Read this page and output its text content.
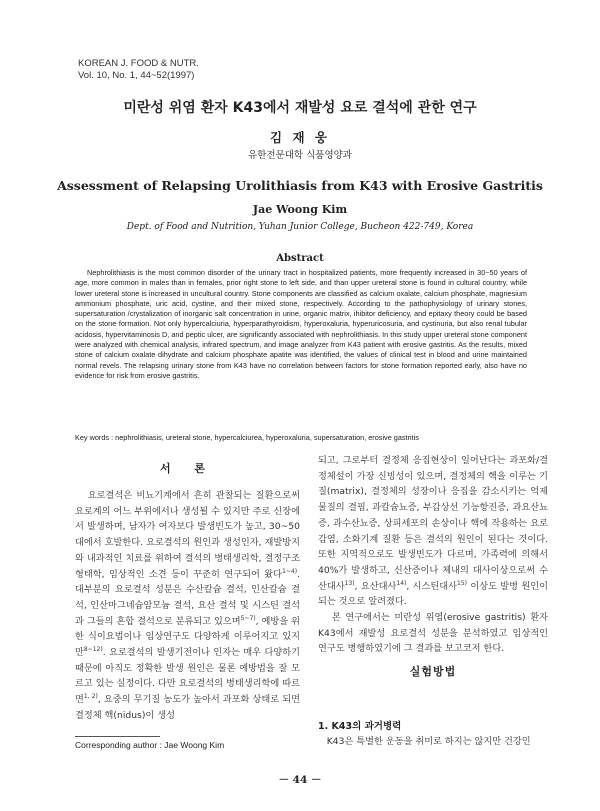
KOREAN J. FOOD & NUTR.
Vol. 10, No. 1, 44~52(1997)
미란성 위염 환자 K43에서 재발성 요로 결석에 관한 연구
김 재 웅
유한전문대학 식품영양과
Assessment of Relapsing Urolithiasis from K43 with Erosive Gastritis
Jae Woong Kim
Dept. of Food and Nutrition, Yuhan Junior College, Bucheon 422-749, Korea
Abstract

Nephrolithiasis is the most common disorder of the urinary tract in hospitalized patients, more frequently increased in 30~50 years of age, more common in males than in females, prior right stone to left side, and than upper ureteral stone is found in cultural country, while lower ureteral stone is increased in uncultural country. Stone components are classified as calcium oxalate, calcium phosphate, magnesium ammonium phosphate, uric acid, cystine, and their mixed stone, respectively. According to the pathophysiology of urinary stones, supersaturation /crystalization of inorganic salt concentration in urine, organic matrix, ihibitor deficiency, and epitaxy theory could be based on the stone formation. Not only hypercalciuria, hyperparathyroidism, hyperoxaluria, hyperuricosuria, and cystinuria, but also renal tubular acidosis, hypervitaminosis D, and peptic ulcer, are significantly associated with nephrolithiasis. In this study upper ureteral stone component were analyzed with chemical analysis, infrared spectrum, and image analyzer from K43 patient with erosive gastritis. As the results, mixed stone of calcium oxalate dihydrate and calcium phosphate apatite was identified, the values of clinical test in blood and urine maintained normal revels. The relapsing urinary stone from K43 have no correlation between factors for stone formation reported early, also have no evidence for risk from erosive gastritis.

Key words : nephrolithiasis, ureteral stone, hypercalciurea, hyperoxaluria, supersaturation, erosive gastritis
서 론

요로결석은 비뇨기계에서 흔히 관찰되는 질환으로써 요로계의 어느 부위에서나 생성될 수 있지만 주로 신장에서 발생하며, 남자가 여자보다 발생빈도가 높고, 30~50대에서 호발한다. 요로결석의 원인과 생성인자, 재발방지와 내과적인 치료를 위하여 결석의 병태생리학, 결정구조 형태학, 임상적인 소견 등이 꾸준히 연구되어 왔다$^{1\sim 4)}$. 대부분의 요로결석 성분은 수산칼슘 결석, 인산칼슘 결석, 인산마그네슘암모늄 결석, 요산 결석 및 시스틴 결석과 그들의 혼합 결석으로 분류되고 있으며$^{5\sim 7)}$, 예방을 위한 식이요법이나 임상연구도 다양하게 이루어지고 있지만$^{8\sim 12)}$. 요로결석의 발생기전이나 인자는 매우 다양하기 때문에 아직도 정확한 발생 원인은 물론 예방법을 잘 모르고 있는 실정이다. 다만 요로결석의 병태생리학에 따르면$^{1, 2)}$, 요중의 무기질 농도가 높아서 과포화 상태로 되면 결정체 핵(nidus)이 생성

되고, 그로부터 결정체 응집현상이 일어난다는 과포화/결정체설이 가장 신빙성이 있으며, 결정체의 핵을 이루는 기질(matrix), 결정체의 성장이나 응집을 감소시키는 억제물질의 결핍, 과칼슘뇨증, 부갑상선 기능항진증, 과요산뇨증, 과수산뇨증, 상피세포의 손상이나 핵에 작용하는 요로감염, 소화기계 질환 등은 결석의 원인이 된다는 것이다. 또한 지역적으로도 발생빈도가 다르며, 가족력에 의해서 40%가 발생하고, 신산증이나 체내의 대사이상으로써 수산대사$^{13)}$, 요산대사$^{14)}$, 시스틴대사$^{15)}$ 이상도 발병 원인이 되는 것으로 알려졌다.

본 연구에서는 미란성 위염(erosive gastritis) 환자 K43에서 재발성 요로결석 성분을 분석하였고 임상적인 연구도 병행하였기에 그 결과를 보고코저 한다.

실험방법
1. K43의 과거병력

K43은 특별한 운동을 취미로 하지는 않지만 건강인

Corresponding author : Jae Woong Kim
－ 44 －
